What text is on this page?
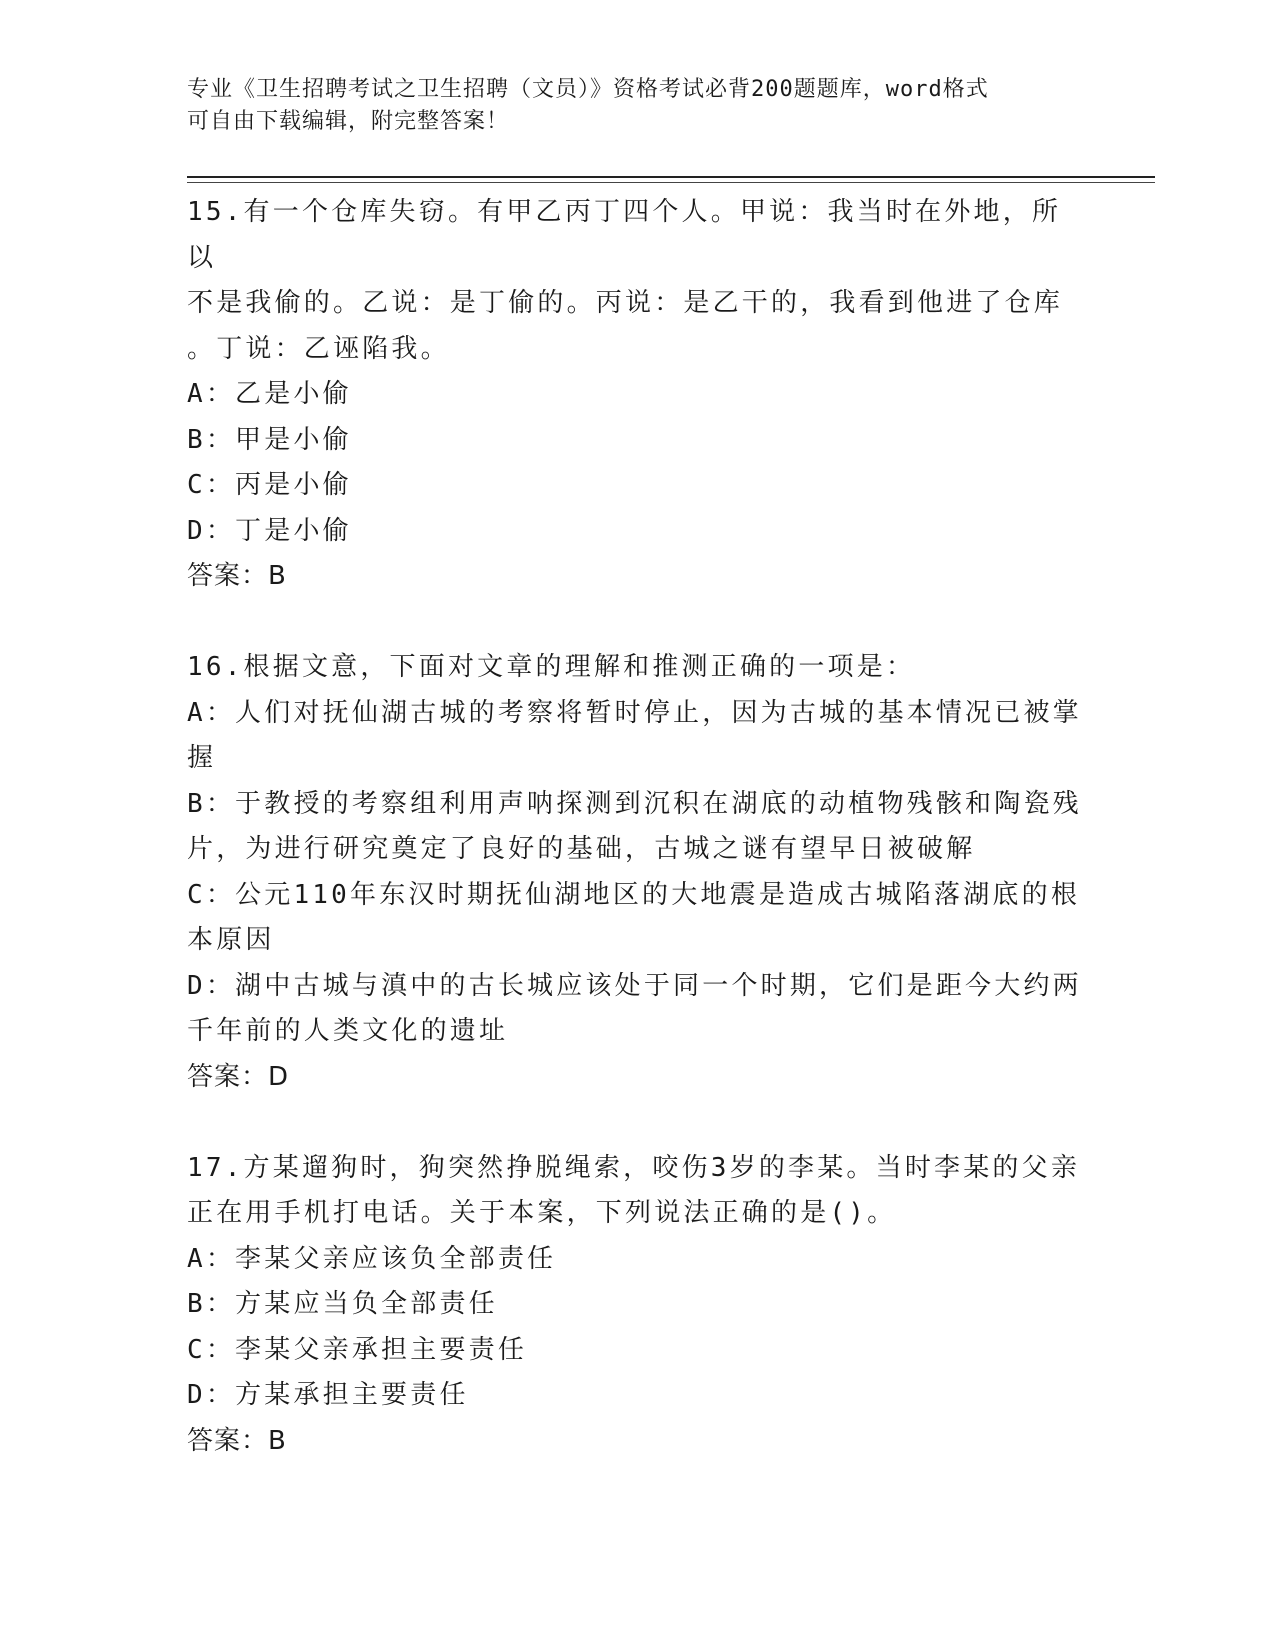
专业《卫生招聘考试之卫生招聘（文员）》资格考试必背200题题库，word格式
可自由下载编辑，附完整答案！
15.有一个仓库失窃。有甲乙丙丁四个人。甲说：我当时在外地，所以
不是我偷的。乙说：是丁偷的。丙说：是乙干的，我看到他进了仓库
。丁说：乙诬陷我。
A：乙是小偷
B：甲是小偷
C：丙是小偷
D：丁是小偷
答案：B
16.根据文意，下面对文章的理解和推测正确的一项是：
A：人们对抚仙湖古城的考察将暂时停止，因为古城的基本情况已被掌
握
B：于教授的考察组利用声呐探测到沉积在湖底的动植物残骸和陶瓷残
片，为进行研究奠定了良好的基础，古城之谜有望早日被破解
C：公元110年东汉时期抚仙湖地区的大地震是造成古城陷落湖底的根
本原因
D：湖中古城与滇中的古长城应该处于同一个时期，它们是距今大约两
千年前的人类文化的遗址
答案：D
17.方某遛狗时，狗突然挣脱绳索，咬伤3岁的李某。当时李某的父亲
正在用手机打电话。关于本案，下列说法正确的是()。
A：李某父亲应该负全部责任
B：方某应当负全部责任
C：李某父亲承担主要责任
D：方某承担主要责任
答案：B
